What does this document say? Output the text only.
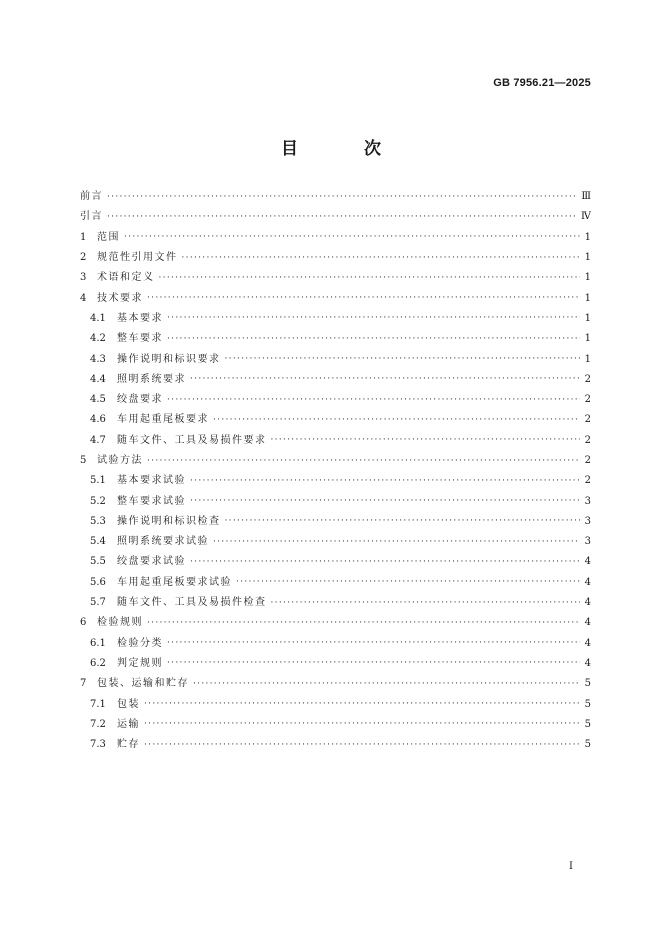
GB 7956.21—2025
目 次
前言 ·····	Ⅲ
引言 ·····	Ⅳ
1	范围 ·····	1
2	规范性引用文件 ·····	1
3	术语和定义 ·····	1
4	技术要求 ·····	1
4.1	基本要求 ·····	1
4.2	整车要求 ·····	1
4.3	操作说明和标识要求 ·····	1
4.4	照明系统要求 ·····	2
4.5	绞盘要求 ·····	2
4.6	车用起重尾板要求 ·····	2
4.7	随车文件、工具及易损件要求 ·····	2
5	试验方法 ·····	2
5.1	基本要求试验 ·····	2
5.2	整车要求试验 ·····	3
5.3	操作说明和标识检查 ·····	3
5.4	照明系统要求试验 ·····	3
5.5	绞盘要求试验 ·····	4
5.6	车用起重尾板要求试验 ·····	4
5.7	随车文件、工具及易损件检查 ·····	4
6	检验规则 ·····	4
6.1	检验分类 ·····	4
6.2	判定规则 ·····	4
7	包装、运输和贮存 ·····	5
7.1	包装 ·····	5
7.2	运输 ·····	5
7.3	贮存 ·····	5
Ⅰ
